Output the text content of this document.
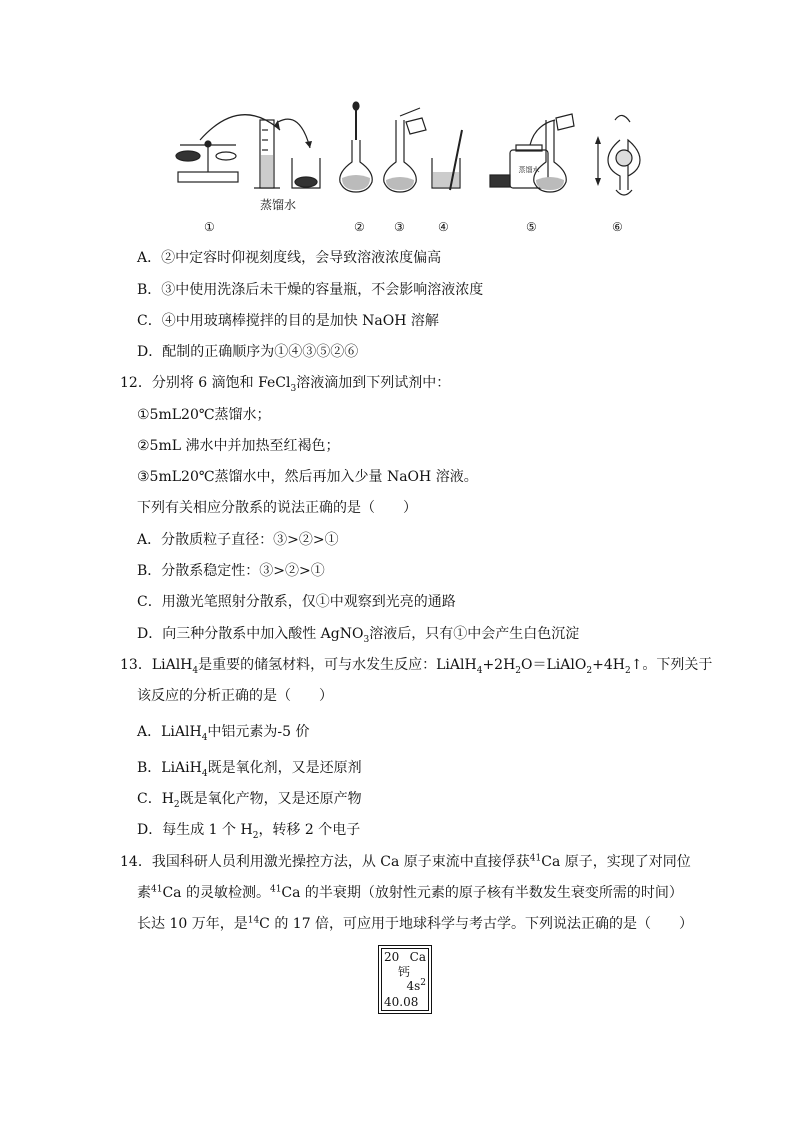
蒸馏水
蒸馏水
①	② ③	④	⑤	⑥
A．②中定容时仰视刻度线，会导致溶液浓度偏高
B．③中使用洗涤后未干燥的容量瓶，不会影响溶液浓度
C．④中用玻璃棒搅拌的目的是加快 NaOH 溶解
D．配制的正确顺序为①④③⑤②⑥
12．分别将 6 滴饱和 FeCl$_3$溶液滴加到下列试剂中：
①5mL20℃蒸馏水；
②5mL 沸水中并加热至红褐色；
③5mL20℃蒸馏水中，然后再加入少量 NaOH 溶液。
下列有关相应分散系的说法正确的是（　　）
A．分散质粒子直径：③>②>①
B．分散系稳定性：③>②>①
C．用激光笔照射分散系，仅①中观察到光亮的通路
D．向三种分散系中加入酸性 AgNO$_3$溶液后，只有①中会产生白色沉淀
13．LiAlH$_4$是重要的储氢材料，可与水发生反应：$LiAlH_4+2H_2O=LiAlO_2+4H_2↑$。下列关于
该反应的分析正确的是（　　）
A．LiAlH$_4$中铝元素为-5 价
B．LiAiH$_4$既是氧化剂，又是还原剂
C．$H_2$既是氧化产物，又是还原产物
D．每生成 1 个 $H_2$，转移 2 个电子
14．我国科研人员利用激光操控方法，从 Ca 原子束流中直接俘获$^{41}$Ca 原子，实现了对同位
素$^{41}$Ca 的灵敏检测。$^{41}$Ca 的半衰期（放射性元素的原子核有半数发生衰变所需的时间）
长达 10 万年，是$^{14}$C 的 17 倍，可应用于地球科学与考古学。下列说法正确的是（　　）
20 Ca
钙
$4s^2$
40.08
